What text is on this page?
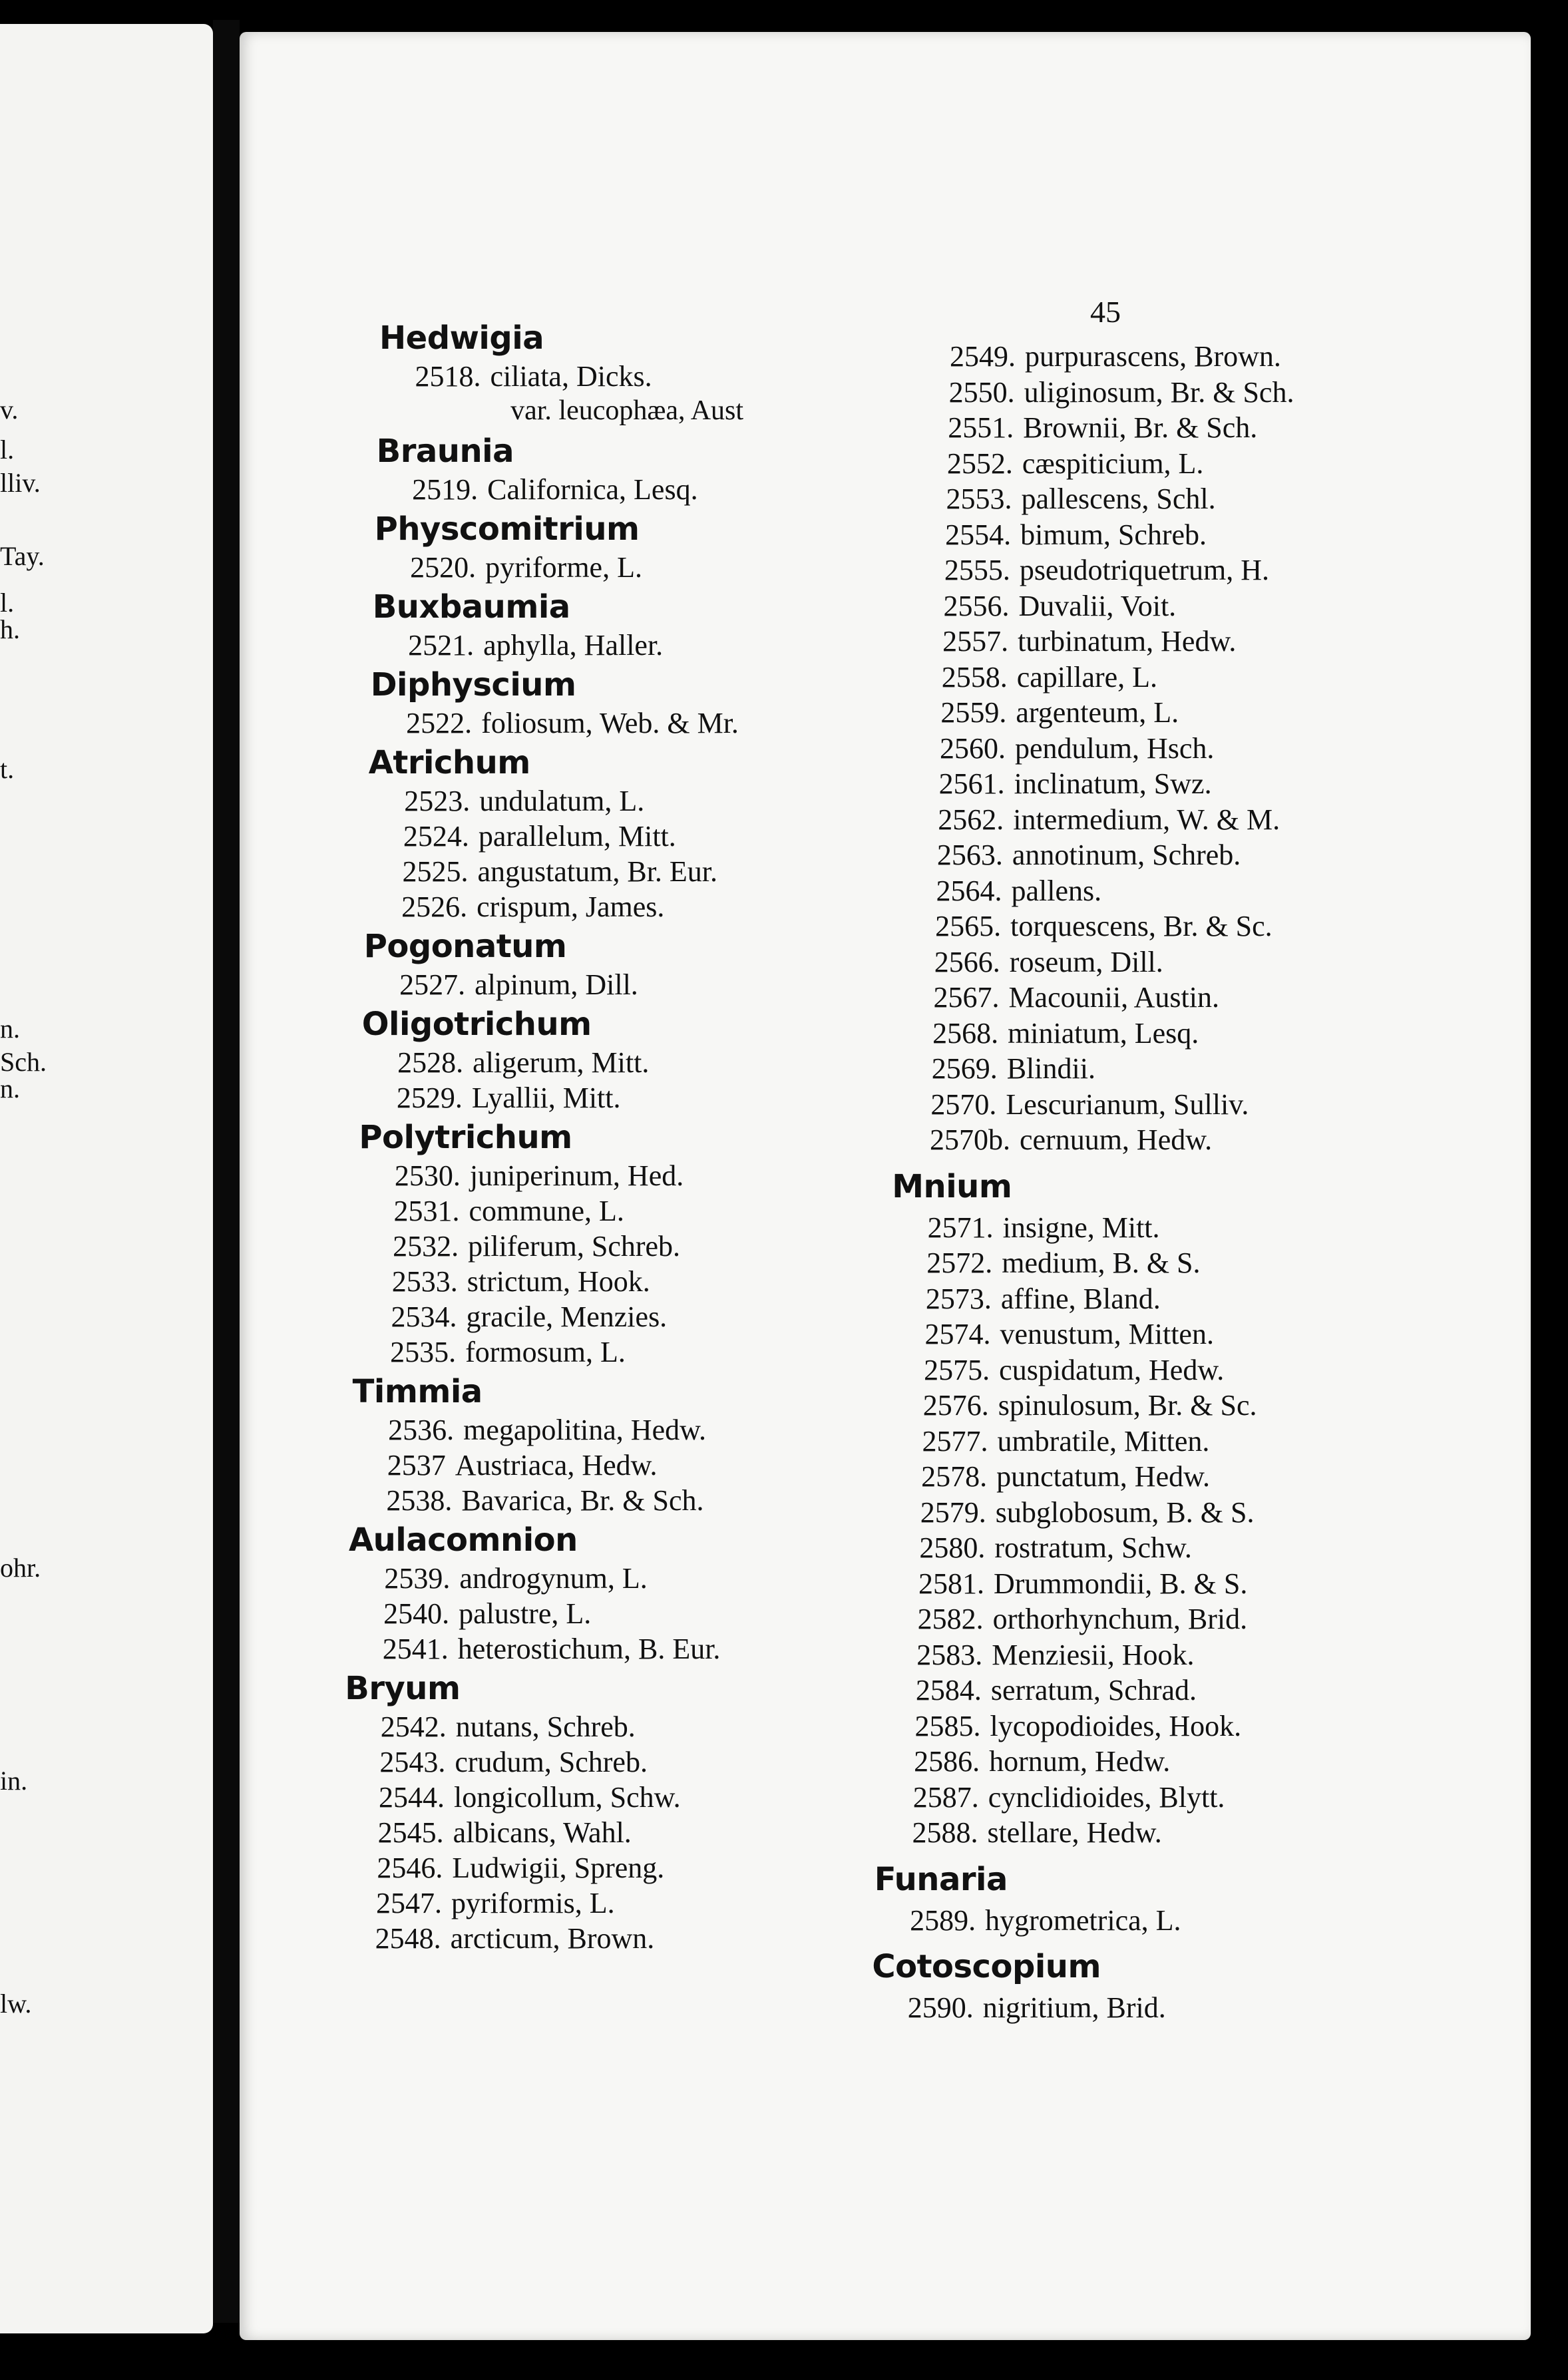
v.
l.
lliv.
Tay.
l.
h.
t.
n.
Sch.
n.
ohr.
in.
lw.
45
Hedwigia
2518. ciliata, Dicks.
var. leucophæa, Aust
Braunia
2519. Californica, Lesq.
Physcomitrium
2520. pyriforme, L.
Buxbaumia
2521. aphylla, Haller.
Diphyscium
2522. foliosum, Web. & Mr.
Atrichum
2523. undulatum, L.
2524. parallelum, Mitt.
2525. angustatum, Br. Eur.
2526. crispum, James.
Pogonatum
2527. alpinum, Dill.
Oligotrichum
2528. aligerum, Mitt.
2529. Lyallii, Mitt.
Polytrichum
2530. juniperinum, Hed.
2531. commune, L.
2532. piliferum, Schreb.
2533. strictum, Hook.
2534. gracile, Menzies.
2535. formosum, L.
Timmia
2536. megapolitina, Hedw.
2537 Austriaca, Hedw.
2538. Bavarica, Br. & Sch.
Aulacomnion
2539. androgynum, L.
2540. palustre, L.
2541. heterostichum, B. Eur.
Bryum
2542. nutans, Schreb.
2543. crudum, Schreb.
2544. longicollum, Schw.
2545. albicans, Wahl.
2546. Ludwigii, Spreng.
2547. pyriformis, L.
2548. arcticum, Brown.
2549. purpurascens, Brown.
2550. uliginosum, Br. & Sch.
2551. Brownii, Br. & Sch.
2552. cæspiticium, L.
2553. pallescens, Schl.
2554. bimum, Schreb.
2555. pseudotriquetrum, H.
2556. Duvalii, Voit.
2557. turbinatum, Hedw.
2558. capillare, L.
2559. argenteum, L.
2560. pendulum, Hsch.
2561. inclinatum, Swz.
2562. intermedium, W. & M.
2563. annotinum, Schreb.
2564. pallens.
2565. torquescens, Br. & Sc.
2566. roseum, Dill.
2567. Macounii, Austin.
2568. miniatum, Lesq.
2569. Blindii.
2570. Lescurianum, Sulliv.
2570b. cernuum, Hedw.
Mnium
2571. insigne, Mitt.
2572. medium, B. & S.
2573. affine, Bland.
2574. venustum, Mitten.
2575. cuspidatum, Hedw.
2576. spinulosum, Br. & Sc.
2577. umbratile, Mitten.
2578. punctatum, Hedw.
2579. subglobosum, B. & S.
2580. rostratum, Schw.
2581. Drummondii, B. & S.
2582. orthorhynchum, Brid.
2583. Menziesii, Hook.
2584. serratum, Schrad.
2585. lycopodioides, Hook.
2586. hornum, Hedw.
2587. cynclidioides, Blytt.
2588. stellare, Hedw.
Funaria
2589. hygrometrica, L.
Cotoscopium
2590. nigritium, Brid.
